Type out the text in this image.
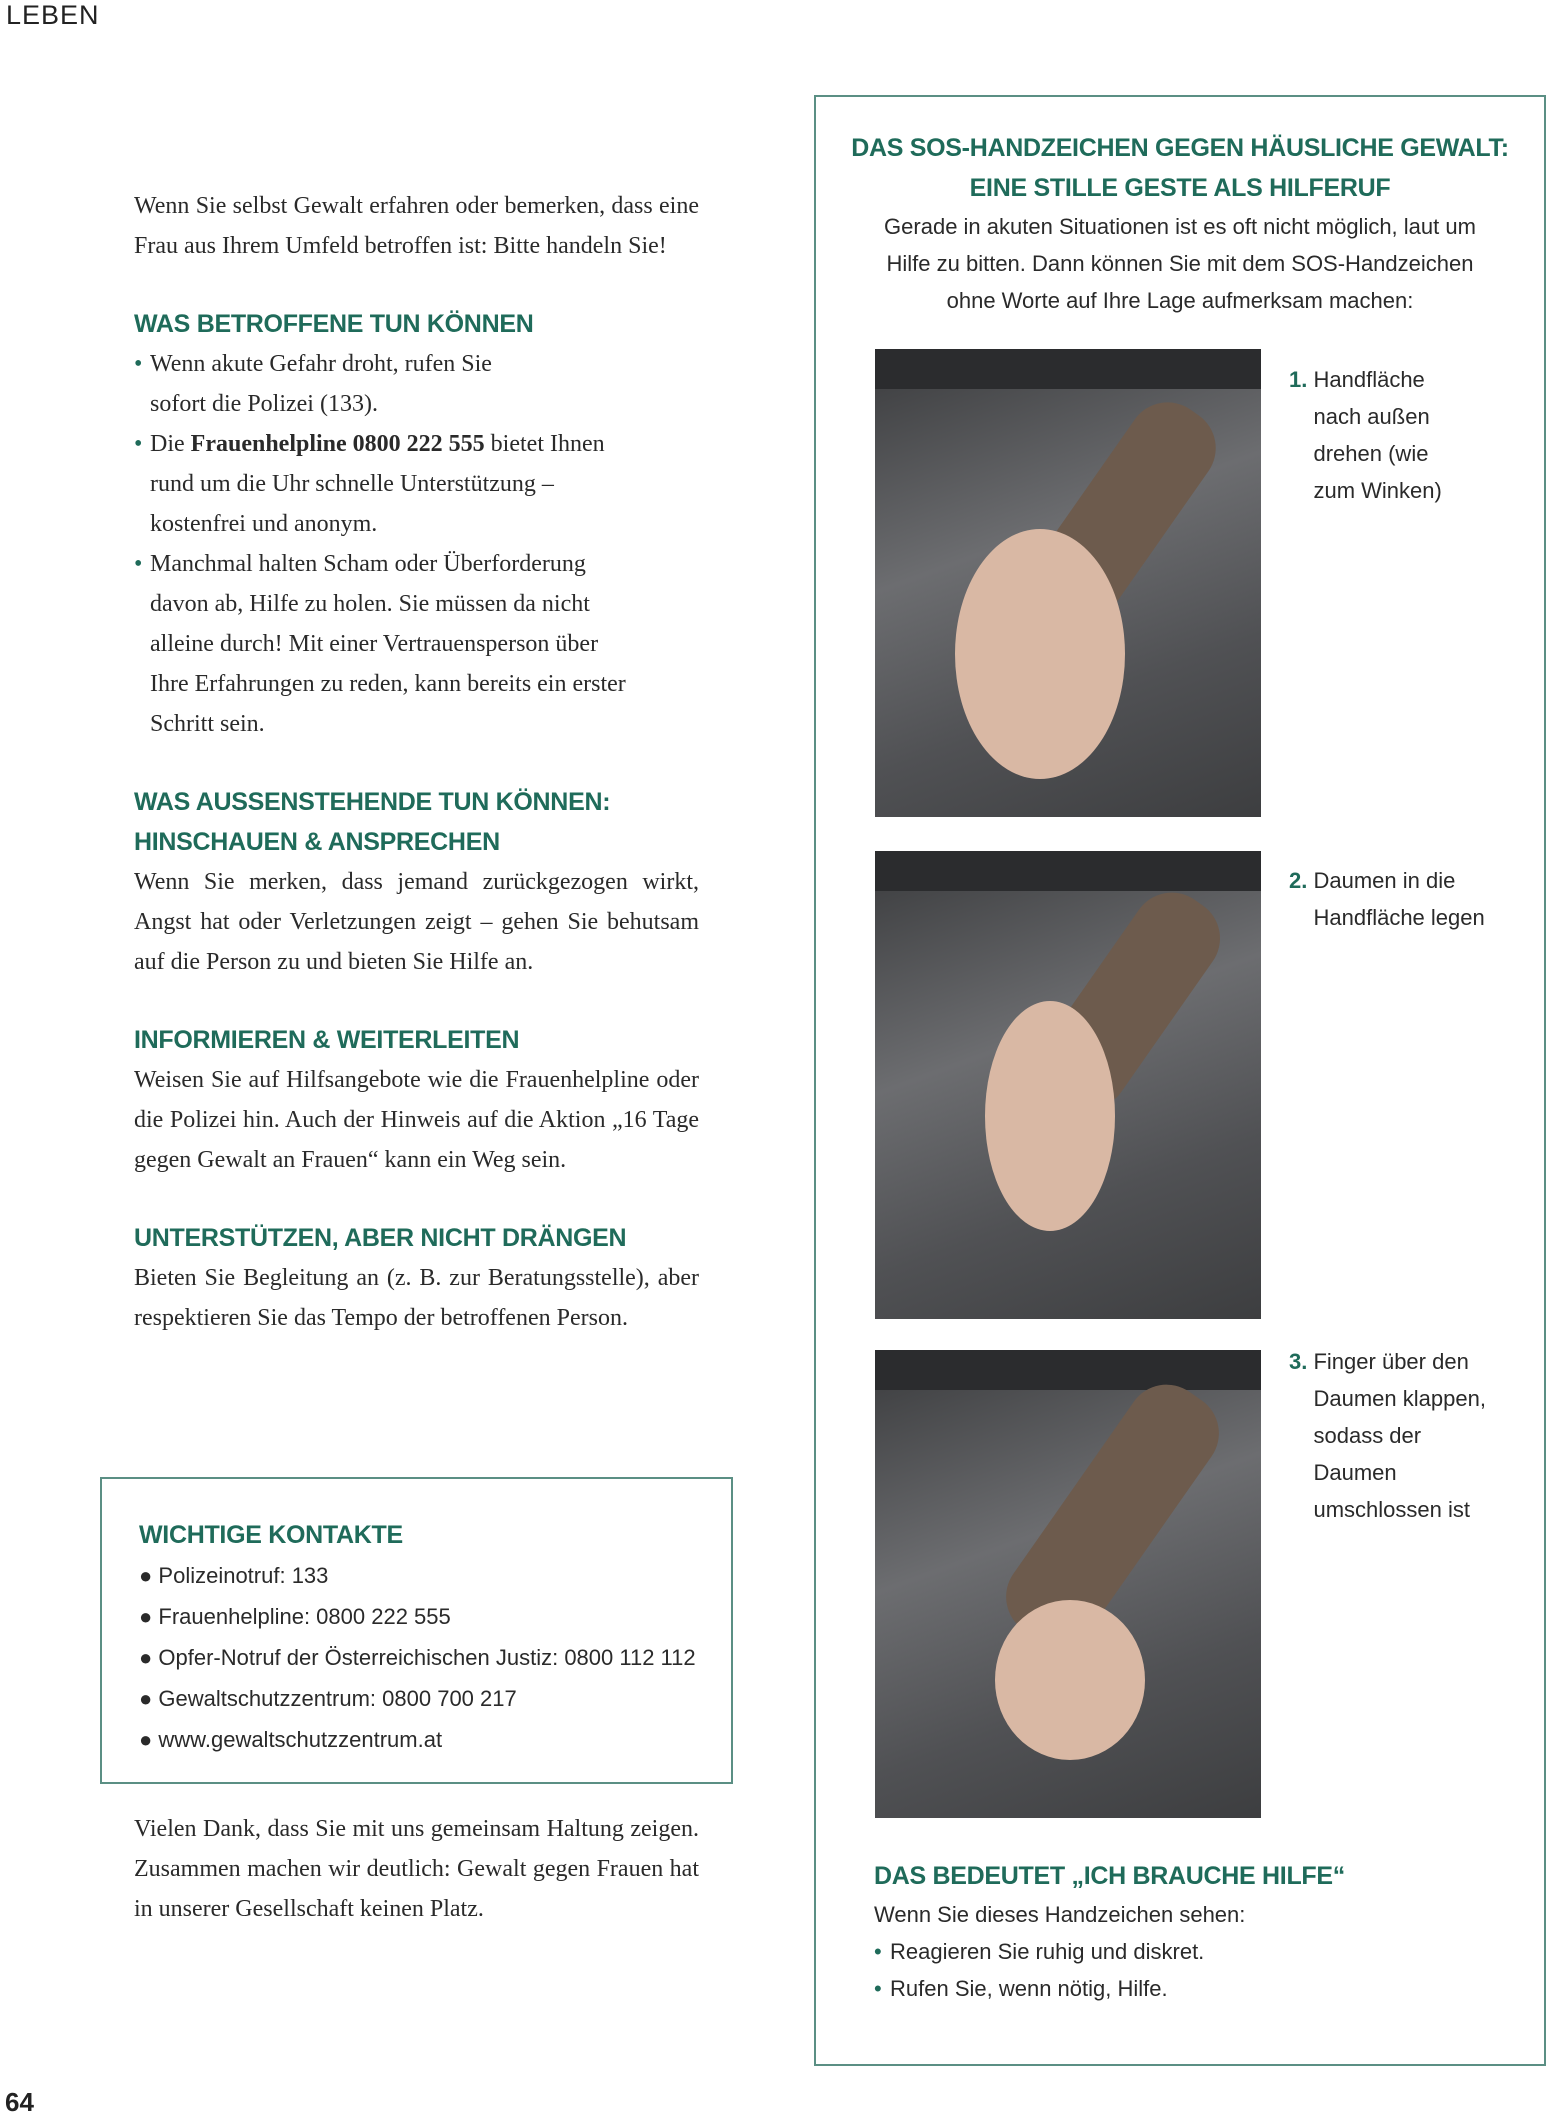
LEBEN

Wenn Sie selbst Gewalt erfahren oder bemerken, dass eine Frau aus Ihrem Umfeld betroffen ist: Bitte handeln Sie!

WAS BETROFFENE TUN KÖNNEN
• Wenn akute Gefahr droht, rufen Sie sofort die Polizei (133).
• Die Frauenhelpline 0800 222 555 bietet Ihnen rund um die Uhr schnelle Unterstützung – kostenfrei und anonym.
• Manchmal halten Scham oder Überforderung davon ab, Hilfe zu holen. Sie müssen da nicht alleine durch! Mit einer Vertrauensperson über Ihre Erfahrungen zu reden, kann bereits ein erster Schritt sein.
WAS AUSSENSTEHENDE TUN KÖNNEN:
HINSCHAUEN & ANSPRECHEN

Wenn Sie merken, dass jemand zurückgezogen wirkt, Angst hat oder Verletzungen zeigt – gehen Sie behutsam auf die Person zu und bieten Sie Hilfe an.

INFORMIEREN & WEITERLEITEN

Weisen Sie auf Hilfsangebote wie die Frauenhelpline oder die Polizei hin. Auch der Hinweis auf die Aktion „16 Tage gegen Gewalt an Frauen“ kann ein Weg sein.

UNTERSTÜTZEN, ABER NICHT DRÄNGEN

Bieten Sie Begleitung an (z. B. zur Beratungsstelle), aber respektieren Sie das Tempo der betroffenen Person.

WICHTIGE KONTAKTE
● Polizeinotruf: 133
● Frauenhelpline: 0800 222 555
● Opfer-Notruf der Österreichischen Justiz: 0800 112 112
● Gewaltschutzzentrum: 0800 700 217
● www.gewaltschutzzentrum.at

Vielen Dank, dass Sie mit uns gemeinsam Haltung zeigen. Zusammen machen wir deutlich: Gewalt gegen Frauen hat in unserer Gesellschaft keinen Platz.

DAS SOS-HANDZEICHEN GEGEN HÄUSLICHE GEWALT:
EINE STILLE GESTE ALS HILFERUF

Gerade in akuten Situationen ist es oft nicht möglich, laut um Hilfe zu bitten. Dann können Sie mit dem SOS-Handzeichen ohne Worte auf Ihre Lage aufmerksam machen:

1. Handfläche nach außen drehen (wie zum Winken)
2. Daumen in die Handfläche legen
3. Finger über den Daumen klappen, sodass der Daumen umschlossen ist
DAS BEDEUTET „ICH BRAUCHE HILFE“

Wenn Sie dieses Handzeichen sehen:

• Reagieren Sie ruhig und diskret.
• Rufen Sie, wenn nötig, Hilfe.
64
